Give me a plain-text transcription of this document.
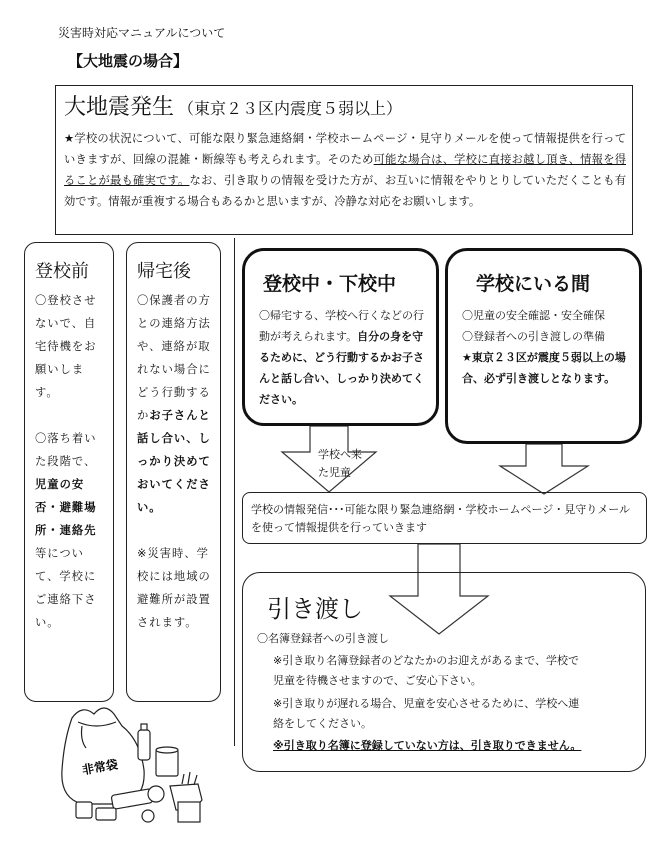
災害時対応マニュアルについて
【大地震の場合】
大地震発生 （東京２３区内震度５弱以上）
★学校の状況について、可能な限り緊急連絡網・学校ホームページ・見守りメールを使って情報提供を行っていきますが、回線の混雑・断線等も考えられます。そのため可能な場合は、学校に直接お越し頂き、情報を得ることが最も確実です。なお、引き取りの情報を受けた方が、お互いに情報をやりとりしていただくことも有効です。情報が重複する場合もあるかと思いますが、冷静な対応をお願いします。
登校前
〇登校させないで、自宅待機をお願いします。
〇落ち着いた段階で、児童の安否・避難場所・連絡先等について、学校にご連絡下さい。
帰宅後
〇保護者の方との連絡方法や、連絡が取れない場合にどう行動するかお子さんと話し合い、しっかり決めておいてください。
※災害時、学校には地域の避難所が設置されます。
登校中・下校中
〇帰宅する、学校へ行くなどの行動が考えられます。自分の身を守るために、どう行動するかお子さんと話し合い、しっかり決めてください。
学校にいる間
〇児童の安全確認・安全確保
〇登録者への引き渡しの準備
★東京２３区が震度５弱以上の場合、必ず引き渡しとなります。
学校へ来
た児童
学校の情報発信･･･可能な限り緊急連絡網・学校ホームページ・見守りメールを使って情報提供を行っていきます
引き渡し
〇名簿登録者への引き渡し
※引き取り名簿登録者のどなたかのお迎えがあるまで、学校で
児童を待機させますので、ご安心下さい。
※引き取りが遅れる場合、児童を安心させるために、学校へ連
絡をしてください。
※引き取り名簿に登録していない方は、引き取りできません。
非常袋
